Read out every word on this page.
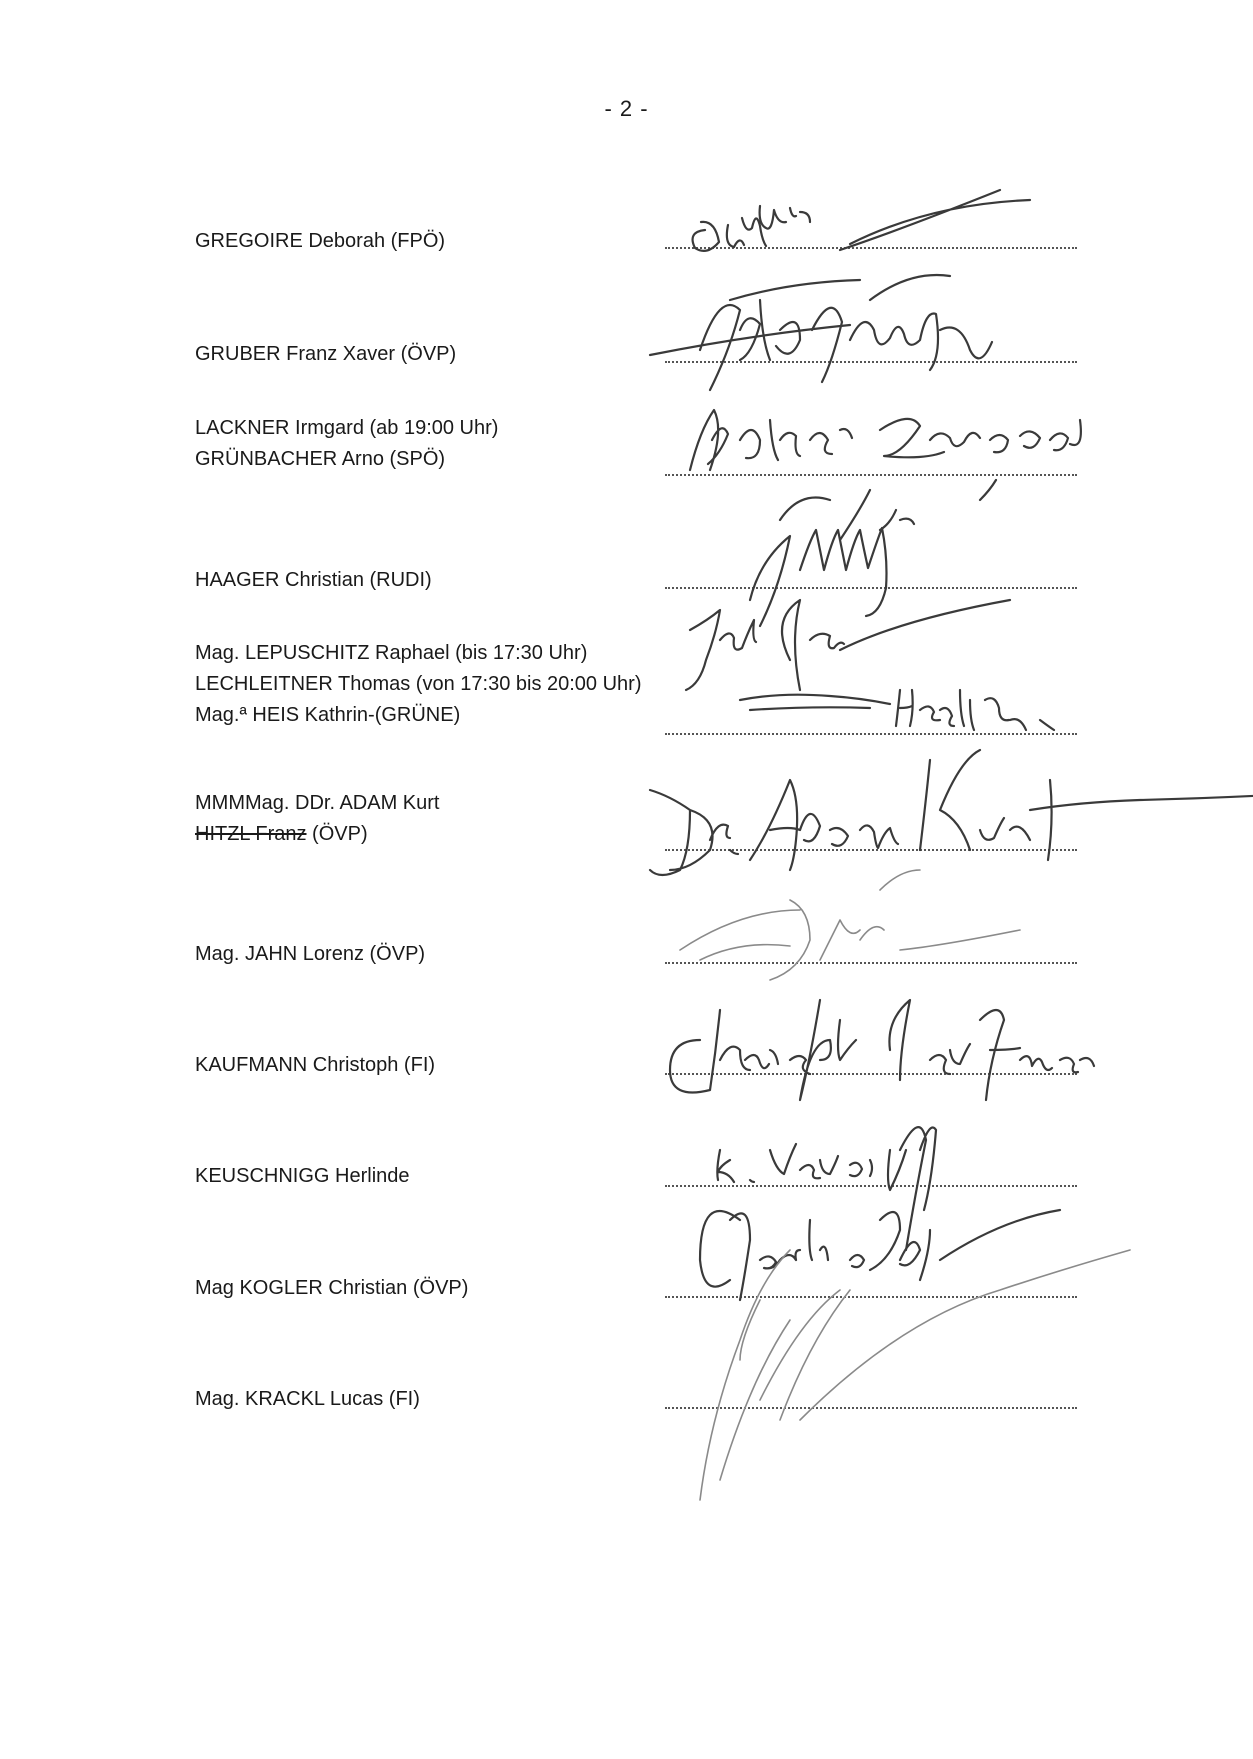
- 2 -
GREGOIRE Deborah (FPÖ)
GRUBER Franz Xaver (ÖVP)
LACKNER Irmgard (ab 19:00 Uhr)
GRÜNBACHER Arno (SPÖ)
HAAGER Christian (RUDI)
Mag. LEPUSCHITZ Raphael (bis 17:30 Uhr)
LECHLEITNER Thomas (von 17:30 bis 20:00 Uhr)
Mag.ª HEIS Kathrin-(GRÜNE)
MMMMag. DDr. ADAM Kurt
HITZL Franz (ÖVP)
Mag. JAHN Lorenz (ÖVP)
KAUFMANN Christoph (FI)
KEUSCHNIGG Herlinde
Mag KOGLER Christian (ÖVP)
Mag. KRACKL Lucas (FI)
